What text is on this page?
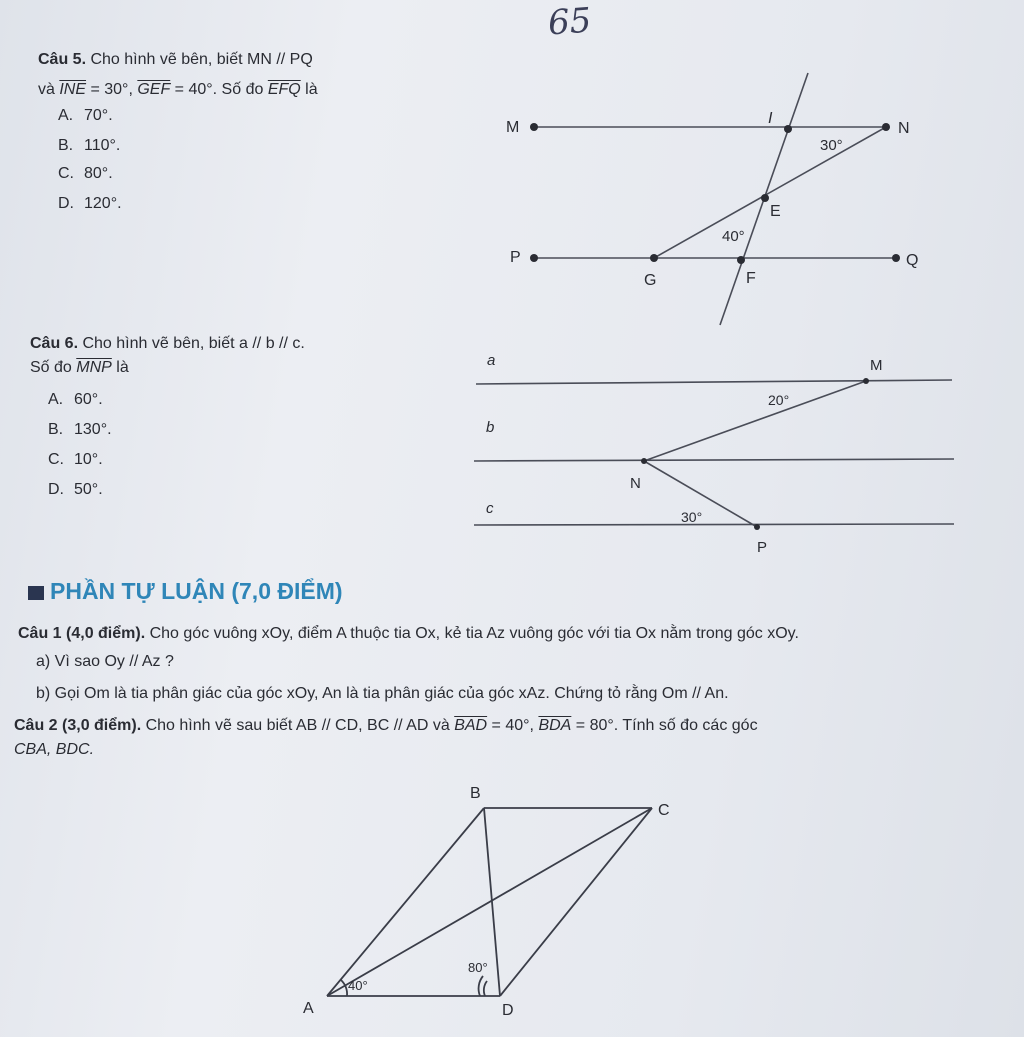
65
Câu 5. Cho hình vẽ bên, biết MN // PQ
và $\overline{INE} = 30^\circ$, $\overline{GEF} = 40^\circ$. Số đo $\overline{EFQ}$ là
A. 70°.
B. 110°.
C. 80°.
D. 120°.
Câu 6. Cho hình vẽ bên, biết a // b // c.
Số đo $\overline{MNP}$ là
A. 60°.
B. 130°.
C. 10°.
D. 50°.
PHẦN TỰ LUẬN (7,0 ĐIỂM)
Câu 1 (4,0 điểm). Cho góc vuông xOy, điểm A thuộc tia Ox, kẻ tia Az vuông góc với tia Ox nằm trong góc xOy.
a) Vì sao Oy // Az ?
b) Gọi Om là tia phân giác của góc xOy, An là tia phân giác của góc xAz. Chứng tỏ rằng Om // An.
Câu 2 (3,0 điểm). Cho hình vẽ sau biết AB // CD, BC // AD và $\overline{BAD} = 40^\circ$, $\overline{BDA} = 80^\circ$. Tính số đo các góc
CBA, BDC.
M	N
I
E
P	Q
G	F
30°
40°
a
b
c
M
N
P
20°
30°
A
B
C
D
40°
80°
